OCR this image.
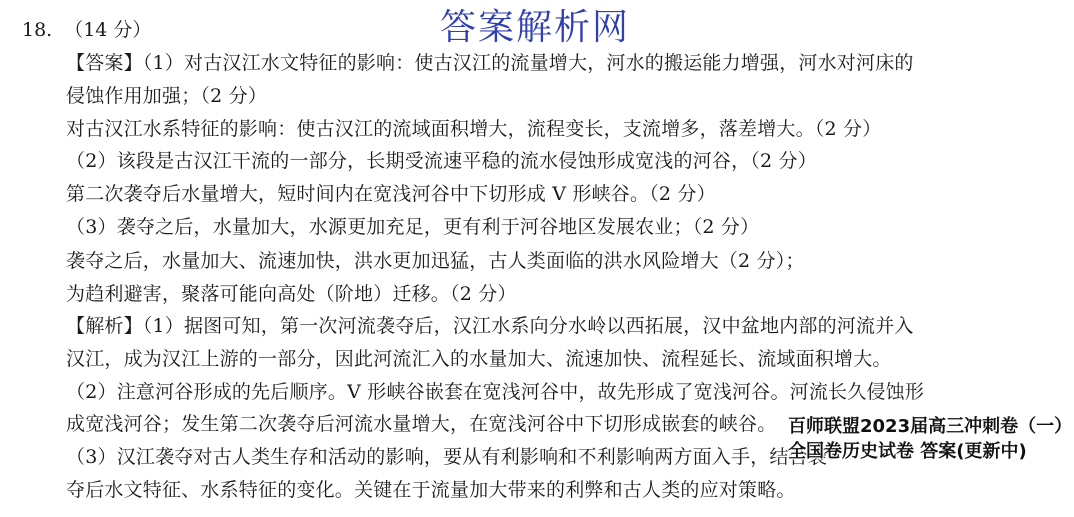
答案解析网
18. （14 分）
【答案】（1）对古汉江水文特征的影响：使古汉江的流量增大，河水的搬运能力增强，河水对河床的
侵蚀作用加强；（2 分）
对古汉江水系特征的影响：使古汉江的流域面积增大，流程变长，支流增多，落差增大。（2 分）
（2）该段是古汉江干流的一部分，长期受流速平稳的流水侵蚀形成宽浅的河谷，（2 分）
第二次袭夺后水量增大，短时间内在宽浅河谷中下切形成 V 形峡谷。（2 分）
（3）袭夺之后，水量加大，水源更加充足，更有利于河谷地区发展农业；（2 分）
袭夺之后，水量加大、流速加快，洪水更加迅猛，古人类面临的洪水风险增大（2 分）；
为趋利避害，聚落可能向高处（阶地）迁移。（2 分）
【解析】（1）据图可知，第一次河流袭夺后，汉江水系向分水岭以西拓展，汉中盆地内部的河流并入
汉江，成为汉江上游的一部分，因此河流汇入的水量加大、流速加快、流程延长、流域面积增大。
（2）注意河谷形成的先后顺序。V 形峡谷嵌套在宽浅河谷中，故先形成了宽浅河谷。河流长久侵蚀形
成宽浅河谷；发生第二次袭夺后河流水量增大，在宽浅河谷中下切形成嵌套的峡谷。
（3）汉江袭夺对古人类生存和活动的影响，要从有利影响和不利影响两方面入手，结合袭
夺后水文特征、水系特征的变化。关键在于流量加大带来的利弊和古人类的应对策略。
百师联盟2023届高三冲刺卷（一）全国卷历史试卷 答案(更新中)
